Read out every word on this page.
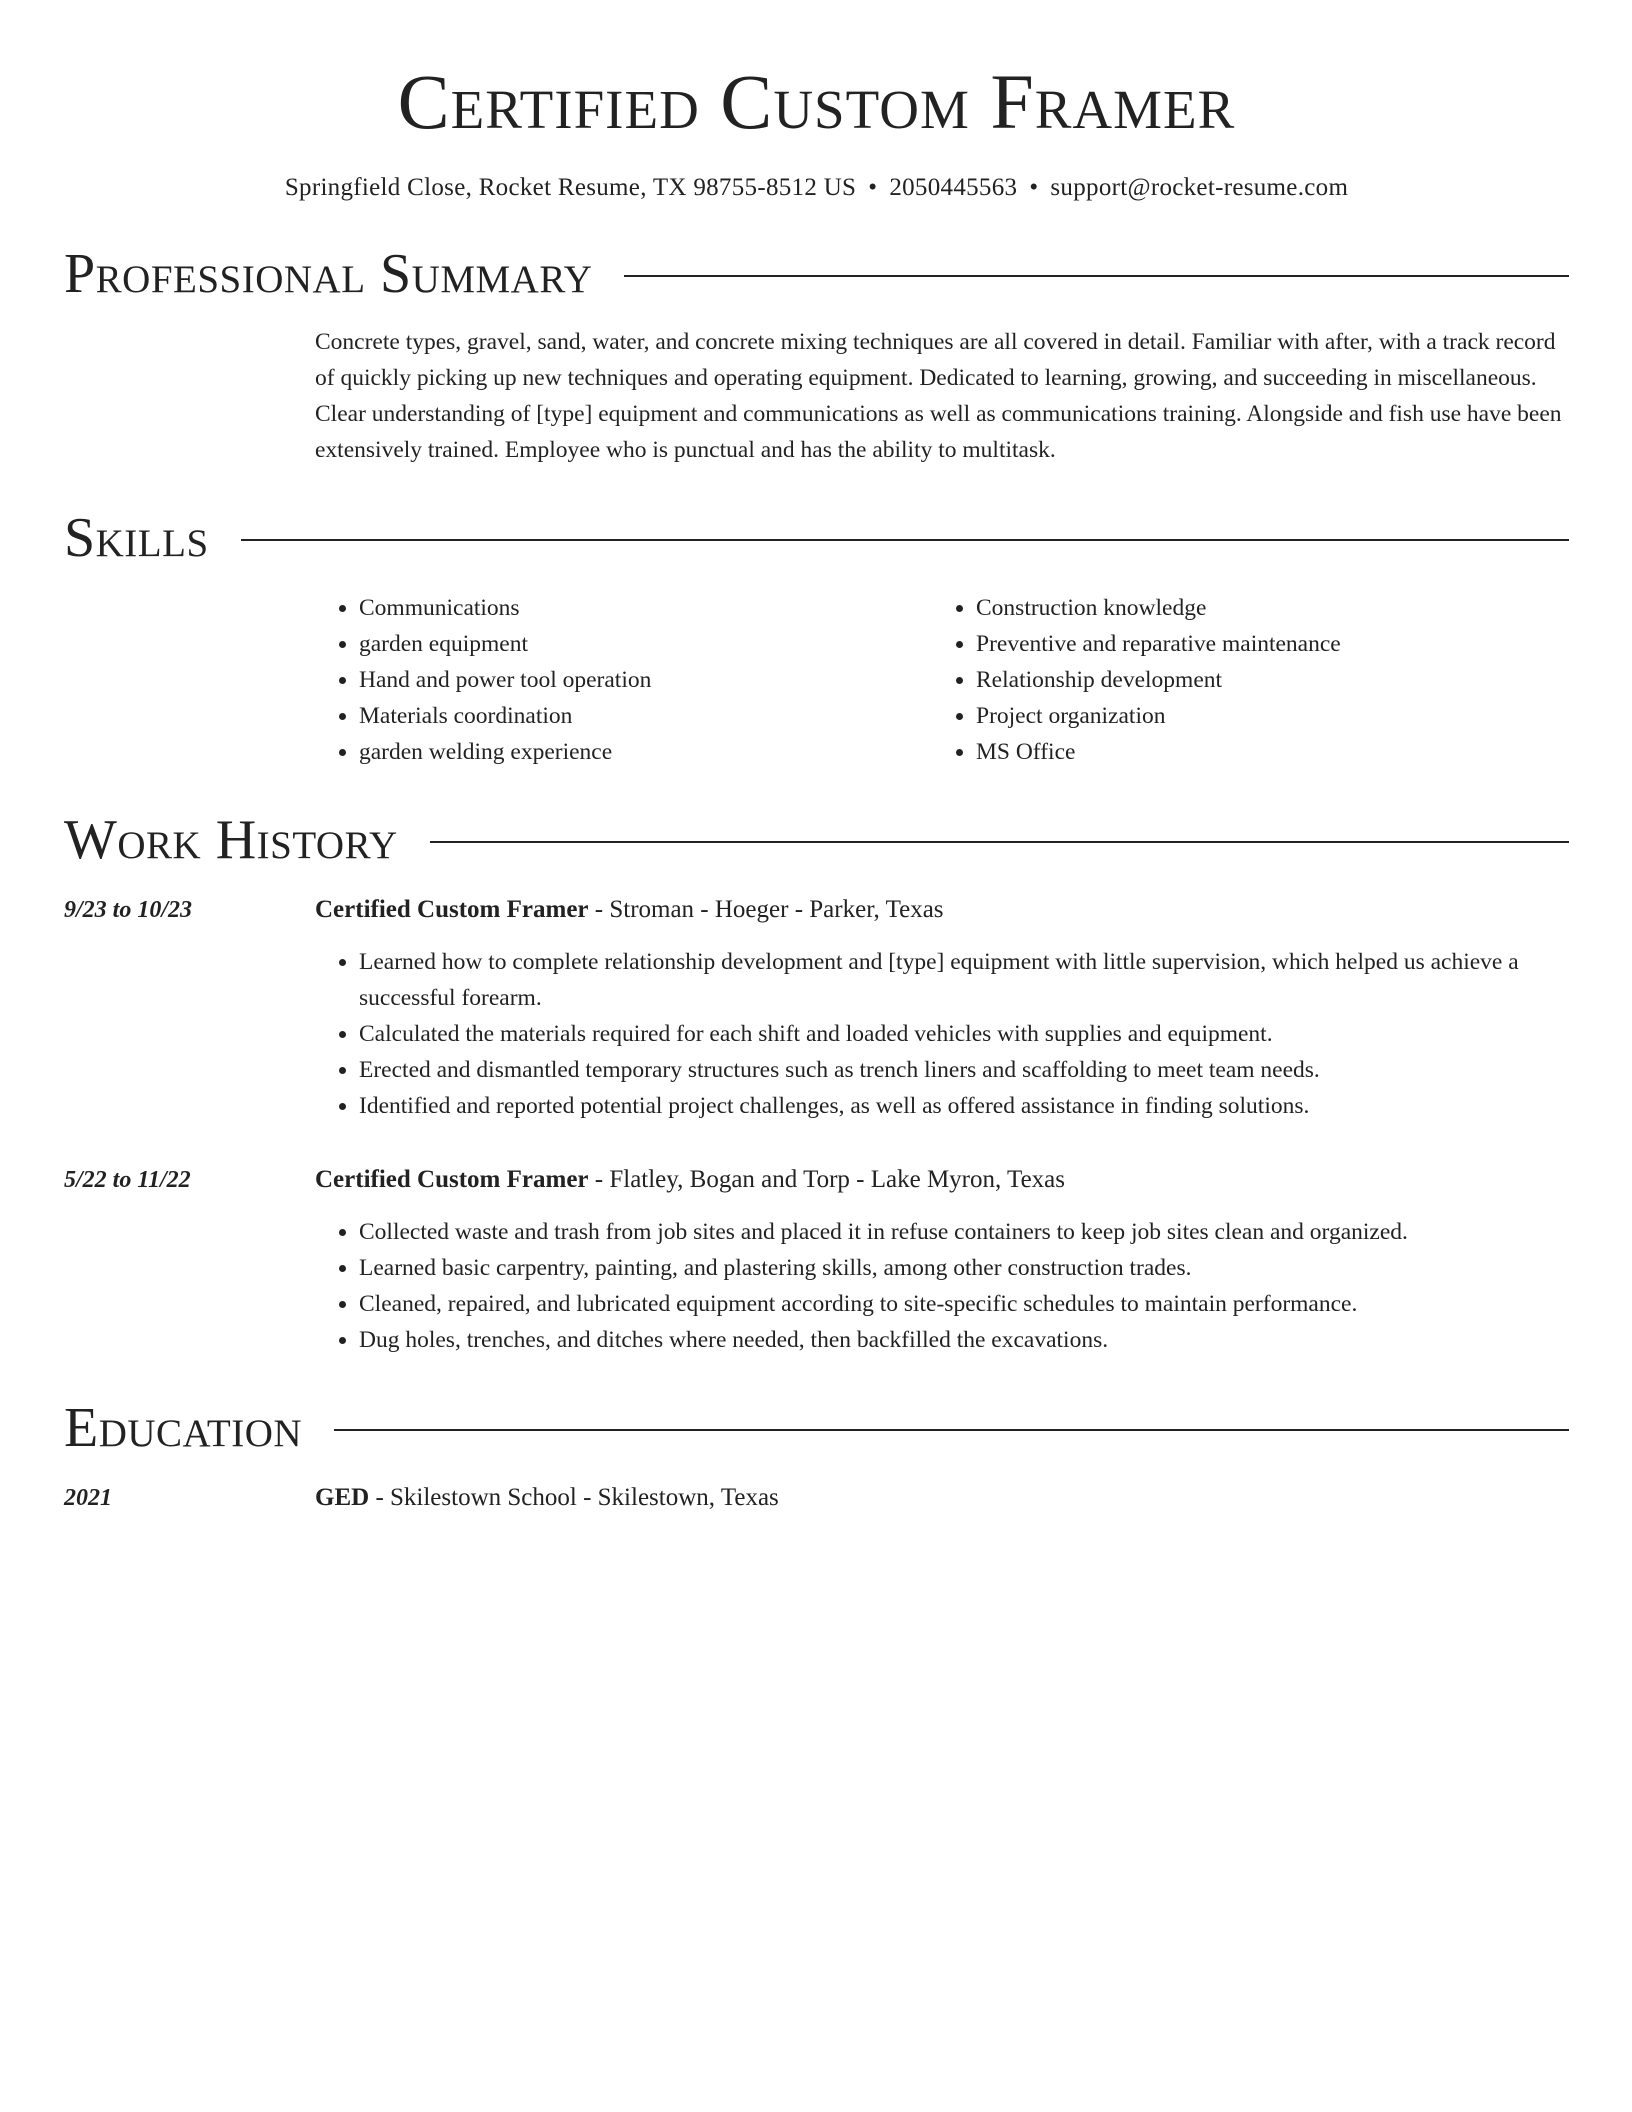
Certified Custom Framer
Springfield Close, Rocket Resume, TX 98755-8512 US • 2050445563 • support@rocket-resume.com
Professional Summary
Concrete types, gravel, sand, water, and concrete mixing techniques are all covered in detail. Familiar with after, with a track record of quickly picking up new techniques and operating equipment. Dedicated to learning, growing, and succeeding in miscellaneous. Clear understanding of [type] equipment and communications as well as communications training. Alongside and fish use have been extensively trained. Employee who is punctual and has the ability to multitask.
Skills
• Communications
• garden equipment
• Hand and power tool operation
• Materials coordination
• garden welding experience
• Construction knowledge
• Preventive and reparative maintenance
• Relationship development
• Project organization
• MS Office
Work History
9/23 to 10/23	Certified Custom Framer - Stroman - Hoeger - Parker, Texas
• Learned how to complete relationship development and [type] equipment with little supervision, which helped us achieve a successful forearm.
• Calculated the materials required for each shift and loaded vehicles with supplies and equipment.
• Erected and dismantled temporary structures such as trench liners and scaffolding to meet team needs.
• Identified and reported potential project challenges, as well as offered assistance in finding solutions.
5/22 to 11/22	Certified Custom Framer - Flatley, Bogan and Torp - Lake Myron, Texas
• Collected waste and trash from job sites and placed it in refuse containers to keep job sites clean and organized.
• Learned basic carpentry, painting, and plastering skills, among other construction trades.
• Cleaned, repaired, and lubricated equipment according to site-specific schedules to maintain performance.
• Dug holes, trenches, and ditches where needed, then backfilled the excavations.
Education
2021	GED - Skilestown School - Skilestown, Texas
